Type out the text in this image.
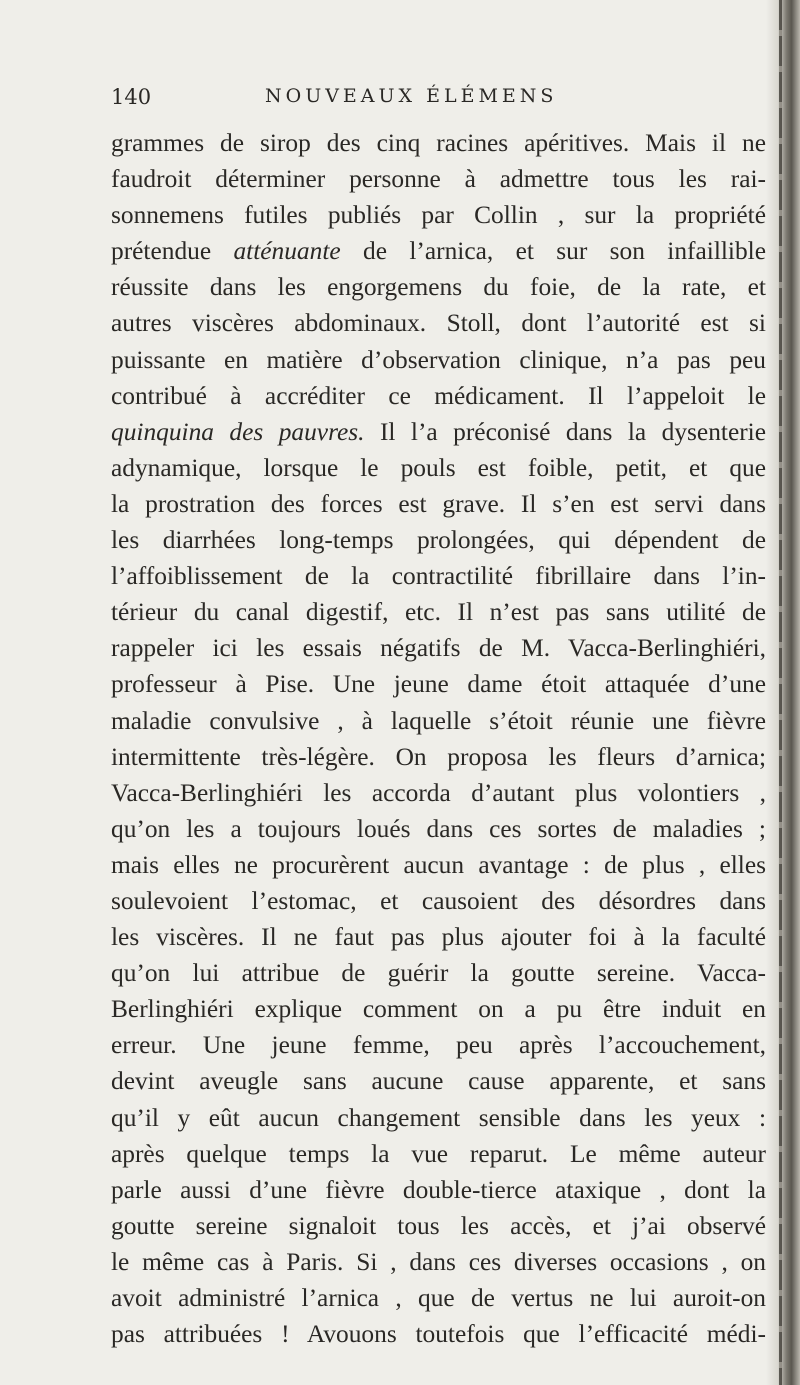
140	NOUVEAUX ÉLÉMENS
grammes de sirop des cinq racines apéritives. Mais il ne
faudroit déterminer personne à admettre tous les rai-
sonnemens futiles publiés par Collin , sur la propriété
prétendue atténuante de l’arnica, et sur son infaillible
réussite dans les engorgemens du foie, de la rate, et
autres viscères abdominaux. Stoll, dont l’autorité est si
puissante en matière d’observation clinique, n’a pas peu
contribué à accréditer ce médicament. Il l’appeloit le
quinquina des pauvres. Il l’a préconisé dans la dysenterie
adynamique, lorsque le pouls est foible, petit, et que
la prostration des forces est grave. Il s’en est servi dans
les diarrhées long-temps prolongées, qui dépendent de
l’affoiblissement de la contractilité fibrillaire dans l’in-
térieur du canal digestif, etc. Il n’est pas sans utilité de
rappeler ici les essais négatifs de M. Vacca-Berlinghiéri,
professeur à Pise. Une jeune dame étoit attaquée d’une
maladie convulsive , à laquelle s’étoit réunie une fièvre
intermittente très-légère. On proposa les fleurs d’arnica;
Vacca-Berlinghiéri les accorda d’autant plus volontiers ,
qu’on les a toujours loués dans ces sortes de maladies ;
mais elles ne procurèrent aucun avantage : de plus , elles
soulevoient l’estomac, et causoient des désordres dans
les viscères. Il ne faut pas plus ajouter foi à la faculté
qu’on lui attribue de guérir la goutte sereine. Vacca-
Berlinghiéri explique comment on a pu être induit en
erreur. Une jeune femme, peu après l’accouchement,
devint aveugle sans aucune cause apparente, et sans
qu’il y eût aucun changement sensible dans les yeux :
après quelque temps la vue reparut. Le même auteur
parle aussi d’une fièvre double-tierce ataxique , dont la
goutte sereine signaloit tous les accès, et j’ai observé
le même cas à Paris. Si , dans ces diverses occasions , on
avoit administré l’arnica , que de vertus ne lui auroit-on
pas attribuées ! Avouons toutefois que l’efficacité médi-
